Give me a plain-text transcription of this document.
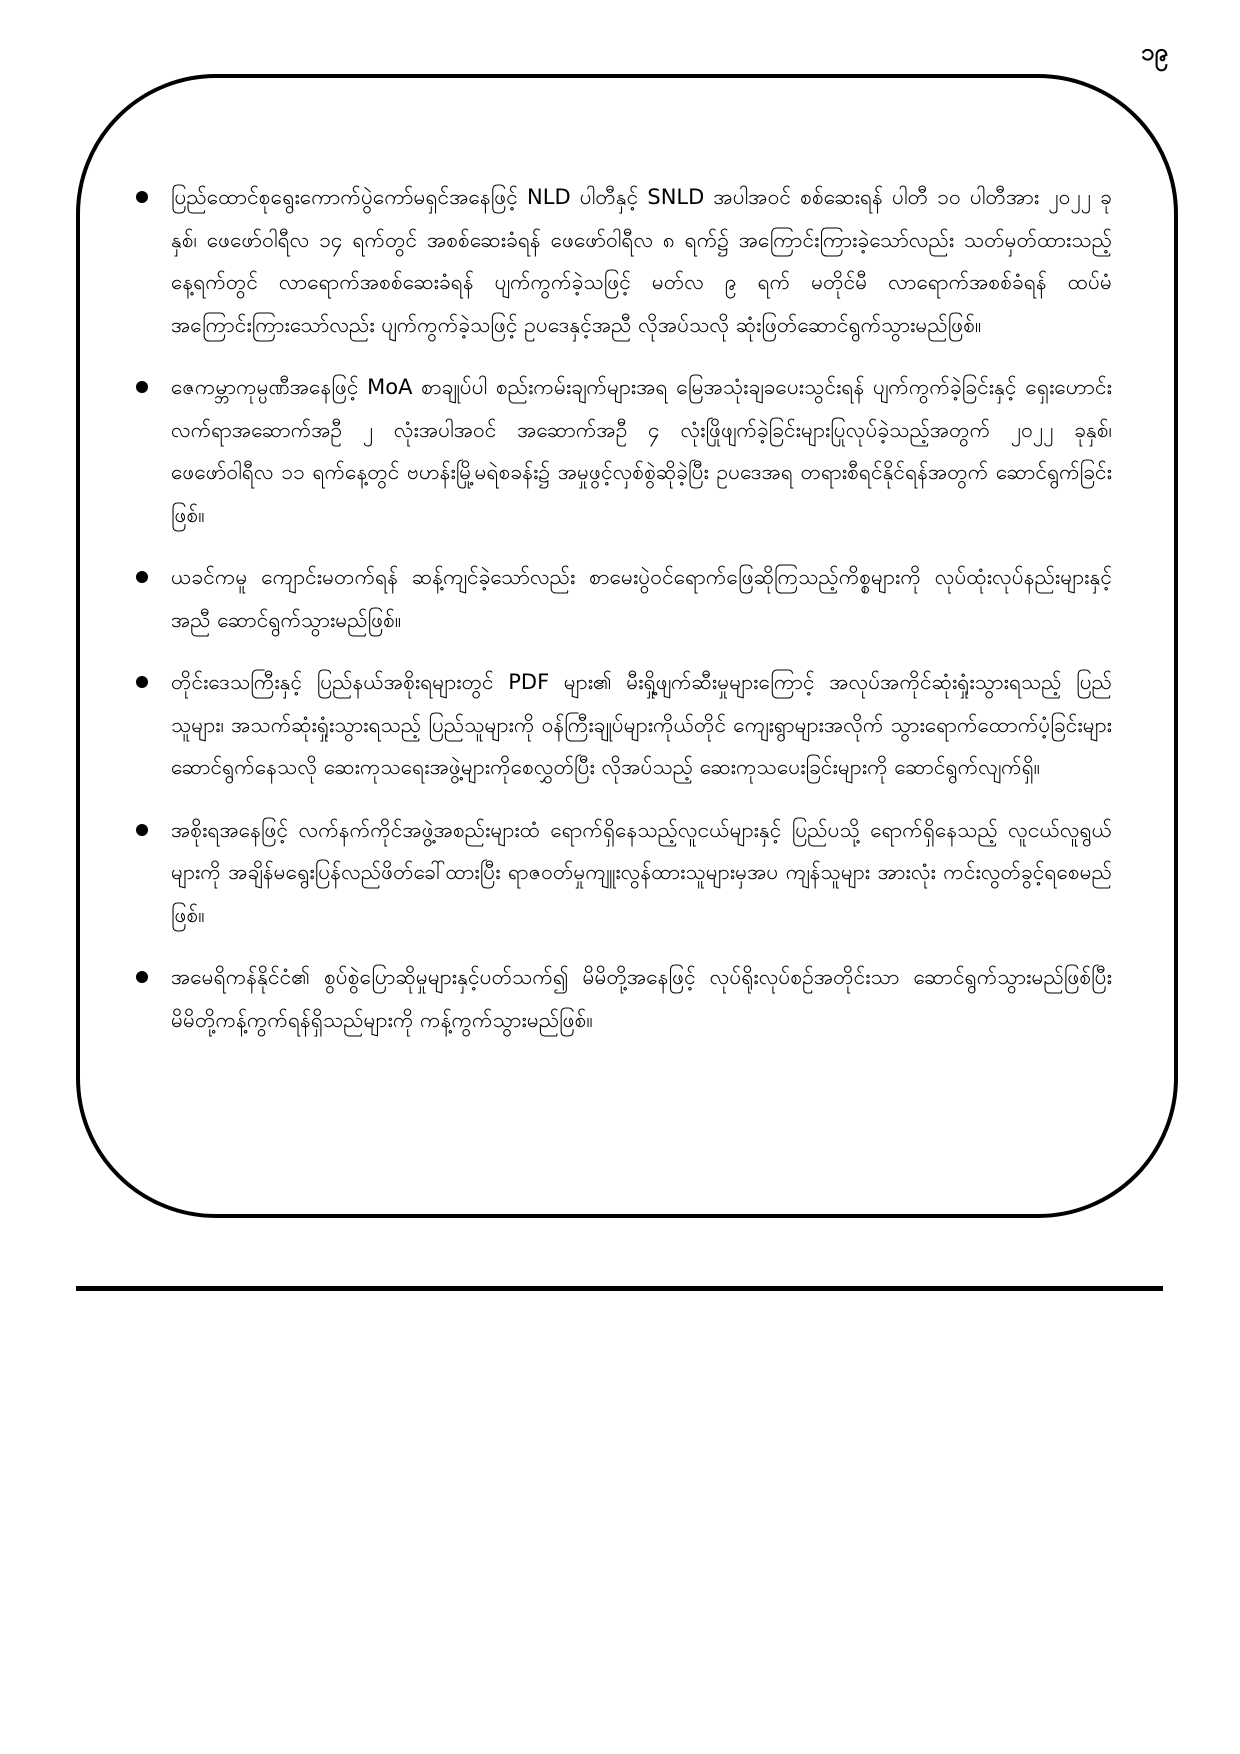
၁၉
ပြည်ထောင်စုရွေးကောက်ပွဲကော်မရှင်အနေဖြင့် NLD ပါတီနှင့် SNLD အပါအဝင် စစ်ဆေးရန် ပါတီ ၁၀ ပါတီအား ၂၀၂၂ ခုနှစ်၊ ဖေဖော်ဝါရီလ ၁၄ ရက်တွင် အစစ်ဆေးခံရန် ဖေဖော်ဝါရီလ ၈ ရက်၌ အကြောင်းကြားခဲ့သော်လည်း သတ်မှတ်ထားသည့် နေ့ရက်တွင် လာရောက်အစစ်ဆေးခံရန် ပျက်ကွက်ခဲ့သဖြင့် မတ်လ ၉ ရက် မတိုင်မီ လာရောက်အစစ်ခံရန် ထပ်မံအကြောင်းကြားသော်လည်း ပျက်ကွက်ခဲ့သဖြင့် ဥပဒေနှင့်အညီ လိုအပ်သလို ဆုံးဖြတ်ဆောင်ရွက်သွားမည်ဖြစ်။
ဇေကမ္ဘာကုမ္ပဏီအနေဖြင့် MoA စာချုပ်ပါ စည်းကမ်းချက်များအရ မြေအသုံးချခပေးသွင်းရန် ပျက်ကွက်ခဲ့ခြင်းနှင့် ရှေးဟောင်းလက်ရာအဆောက်အဦ ၂ လုံးအပါအဝင် အဆောက်အဦ ၄ လုံးဖြိုဖျက်ခဲ့ခြင်းများပြုလုပ်ခဲ့သည့်အတွက် ၂၀၂၂ ခုနှစ်၊ ဖေဖော်ဝါရီလ ၁၁ ရက်နေ့တွင် ဗဟန်းမြို့မရဲစခန်း၌ အမှုဖွင့်လှစ်စွဲဆိုခဲ့ပြီး ဥပဒေအရ တရားစီရင်နိုင်ရန်အတွက် ဆောင်ရွက်ခြင်းဖြစ်။
ယခင်ကမူ ကျောင်းမတက်ရန် ဆန့်ကျင်ခဲ့သော်လည်း စာမေးပွဲဝင်ရောက်ဖြေဆိုကြသည့်ကိစ္စများကို လုပ်ထုံးလုပ်နည်းများနှင့်အညီ ဆောင်ရွက်သွားမည်ဖြစ်။
တိုင်းဒေသကြီးနှင့် ပြည်နယ်အစိုးရများတွင် PDF များ၏ မီးရှို့ဖျက်ဆီးမှုများကြောင့် အလုပ်အကိုင်ဆုံးရှုံးသွားရသည့် ပြည်သူများ၊ အသက်ဆုံးရှုံးသွားရသည့် ပြည်သူများကို ဝန်ကြီးချုပ်များကိုယ်တိုင် ကျေးရွာများအလိုက် သွားရောက်ထောက်ပံ့ခြင်းများဆောင်ရွက်နေသလို ဆေးကုသရေးအဖွဲ့များကိုစေလွှတ်ပြီး လိုအပ်သည့် ဆေးကုသပေးခြင်းများကို ဆောင်ရွက်လျက်ရှိ။
အစိုးရအနေဖြင့် လက်နက်ကိုင်အဖွဲ့အစည်းများထံ ရောက်ရှိနေသည့်လူငယ်များနှင့် ပြည်ပသို့ ရောက်ရှိနေသည့် လူငယ်လူရွယ်များကို အချိန်မရွေးပြန်လည်ဖိတ်ခေါ်ထားပြီး ရာဇဝတ်မှုကျူးလွန်ထားသူများမှအပ ကျန်သူများ အားလုံး ကင်းလွတ်ခွင့်ရစေမည်ဖြစ်။
အမေရိကန်နိုင်ငံ၏ စွပ်စွဲပြောဆိုမှုများနှင့်ပတ်သက်၍ မိမိတို့အနေဖြင့် လုပ်ရိုးလုပ်စဉ်အတိုင်းသာ ဆောင်ရွက်သွားမည်ဖြစ်ပြီး မိမိတို့ကန့်ကွက်ရန်ရှိသည်များကို ကန့်ကွက်သွားမည်ဖြစ်။
